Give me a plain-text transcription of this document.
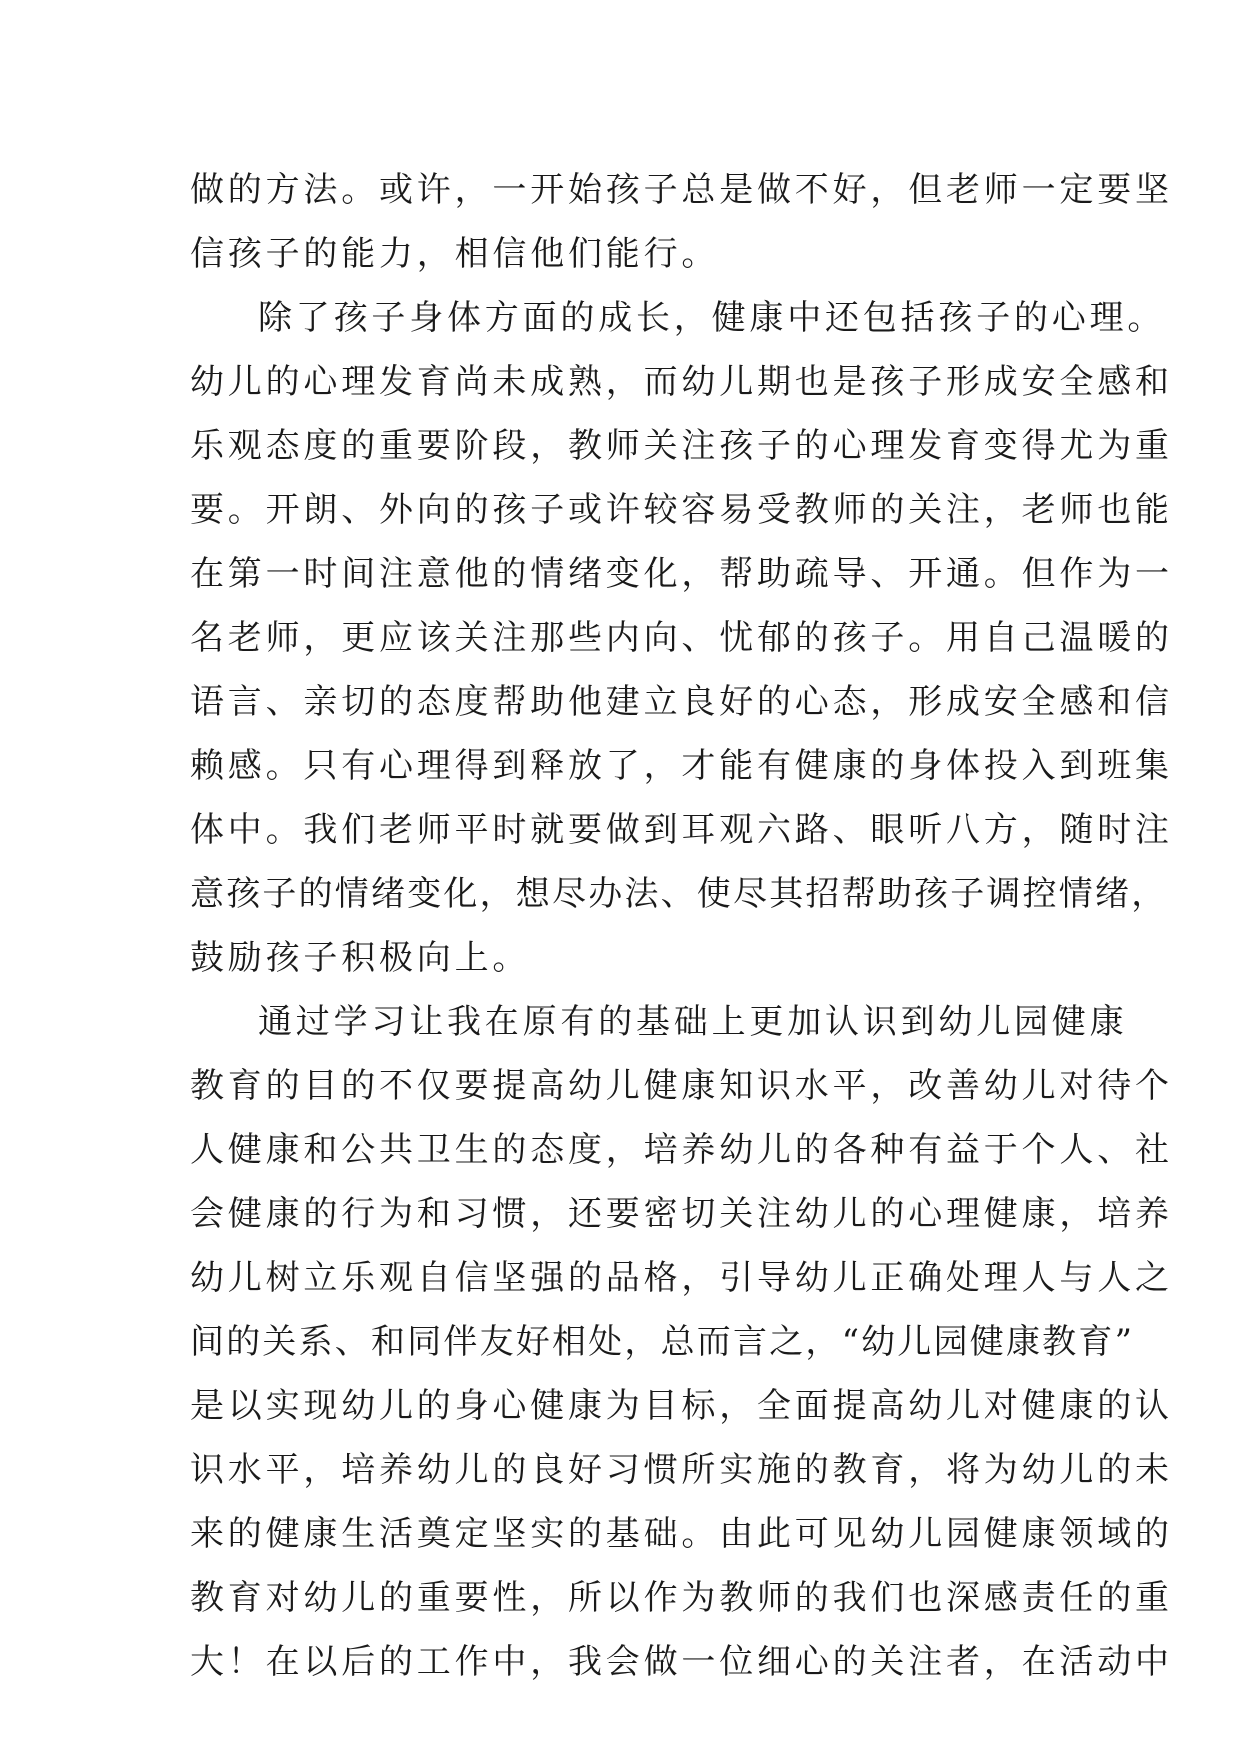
做的方法。或许，一开始孩子总是做不好，但老师一定要坚
信孩子的能力，相信他们能行。
除了孩子身体方面的成长，健康中还包括孩子的心理。
幼儿的心理发育尚未成熟，而幼儿期也是孩子形成安全感和
乐观态度的重要阶段，教师关注孩子的心理发育变得尤为重
要。开朗、外向的孩子或许较容易受教师的关注，老师也能
在第一时间注意他的情绪变化，帮助疏导、开通。但作为一
名老师，更应该关注那些内向、忧郁的孩子。用自己温暖的
语言、亲切的态度帮助他建立良好的心态，形成安全感和信
赖感。只有心理得到释放了，才能有健康的身体投入到班集
体中。我们老师平时就要做到耳观六路、眼听八方，随时注
意孩子的情绪变化，想尽办法、使尽其招帮助孩子调控情绪，
鼓励孩子积极向上。
通过学习让我在原有的基础上更加认识到幼儿园健康
教育的目的不仅要提高幼儿健康知识水平，改善幼儿对待个
人健康和公共卫生的态度，培养幼儿的各种有益于个人、社
会健康的行为和习惯，还要密切关注幼儿的心理健康，培养
幼儿树立乐观自信坚强的品格，引导幼儿正确处理人与人之
间的关系、和同伴友好相处，总而言之，“幼儿园健康教育”
是以实现幼儿的身心健康为目标，全面提高幼儿对健康的认
识水平，培养幼儿的良好习惯所实施的教育，将为幼儿的未
来的健康生活奠定坚实的基础。由此可见幼儿园健康领域的
教育对幼儿的重要性，所以作为教师的我们也深感责任的重
大！在以后的工作中，我会做一位细心的关注者，在活动中
